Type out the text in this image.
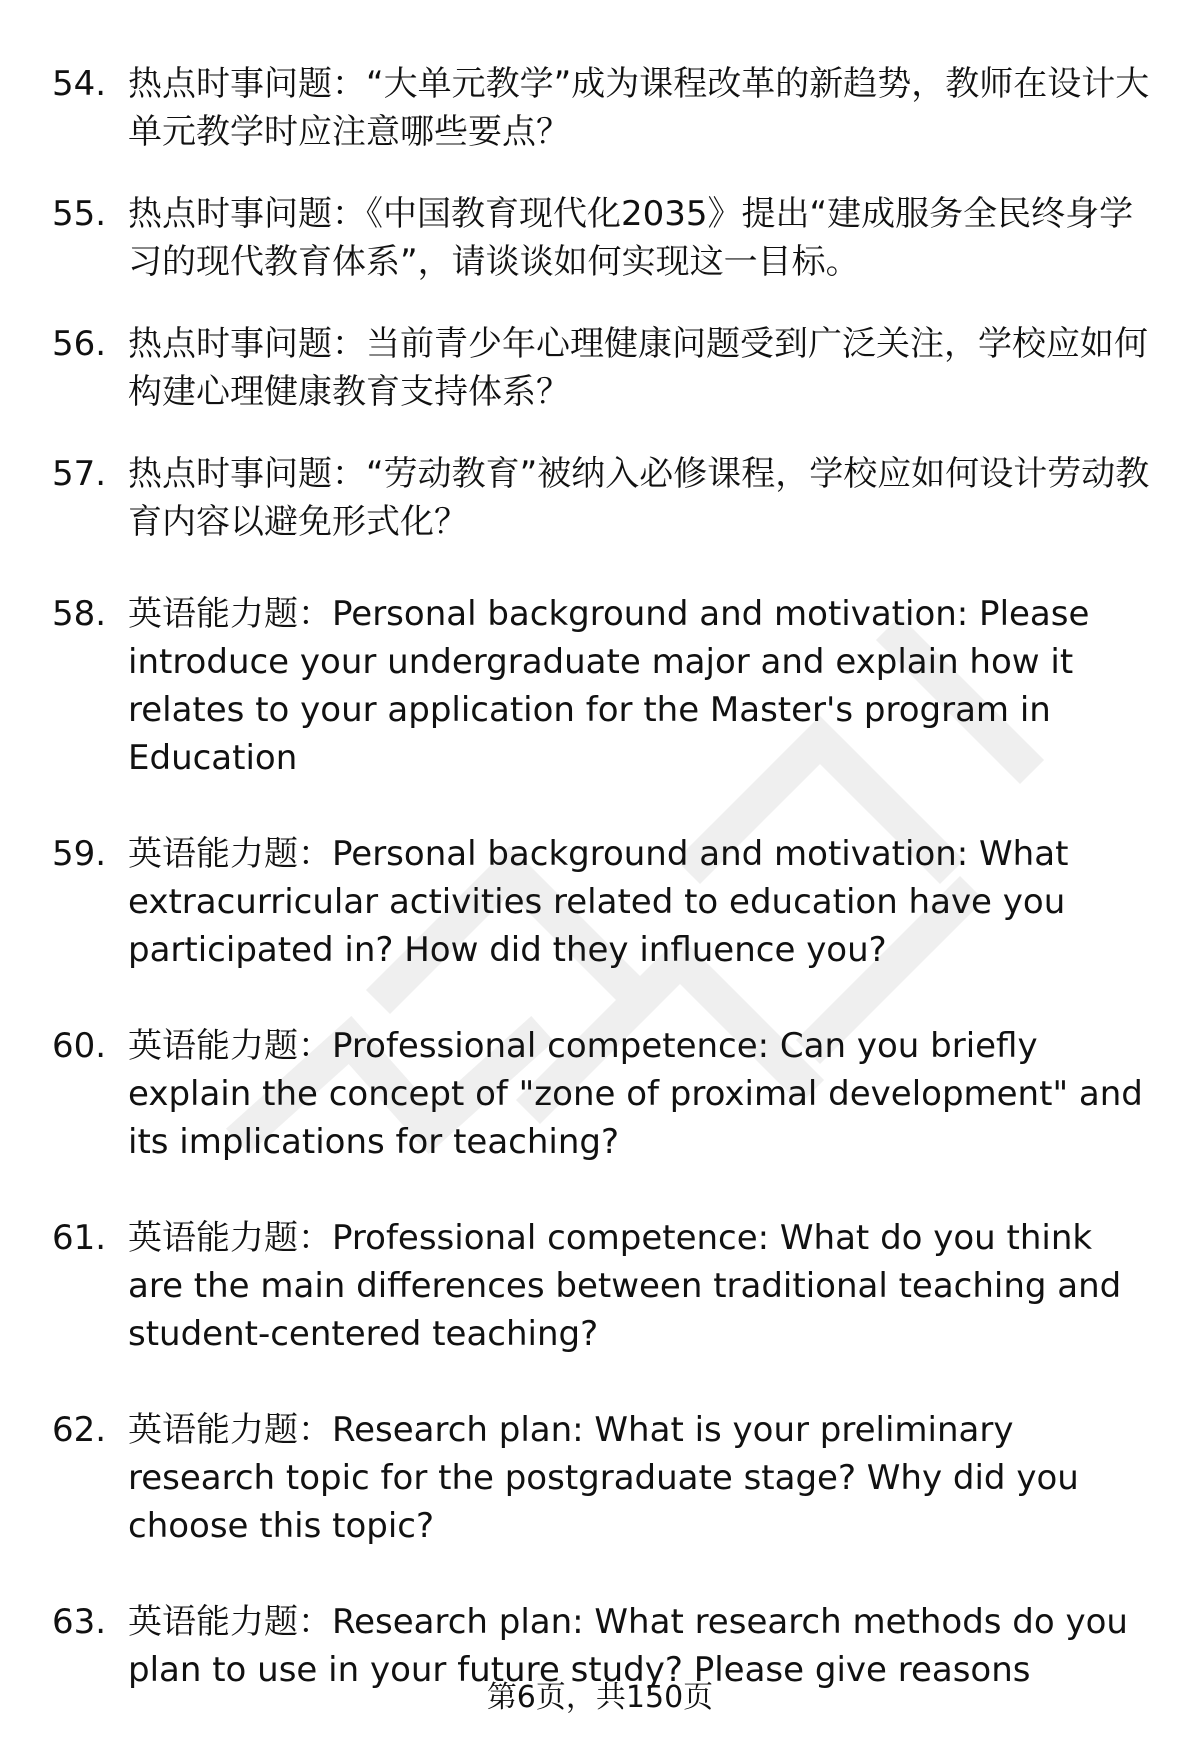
54. 热点时事问题：“大单元教学”成为课程改革的新趋势，教师在设计大单元教学时应注意哪些要点？
55. 热点时事问题：《中国教育现代化2035》提出“建成服务全民终身学习的现代教育体系”，请谈谈如何实现这一目标。
56. 热点时事问题：当前青少年心理健康问题受到广泛关注，学校应如何构建心理健康教育支持体系？
57. 热点时事问题：“劳动教育”被纳入必修课程，学校应如何设计劳动教育内容以避免形式化？
58. 英语能力题：Personal background and motivation: Please introduce your undergraduate major and explain how it relates to your application for the Master's program in Education
59. 英语能力题：Personal background and motivation: What extracurricular activities related to education have you participated in? How did they influence you?
60. 英语能力题：Professional competence: Can you briefly explain the concept of "zone of proximal development" and its implications for teaching?
61. 英语能力题：Professional competence: What do you think are the main differences between traditional teaching and student-centered teaching?
62. 英语能力题：Research plan: What is your preliminary research topic for the postgraduate stage? Why did you choose this topic?
63. 英语能力题：Research plan: What research methods do you plan to use in your future study? Please give reasons
第6页，共150页
